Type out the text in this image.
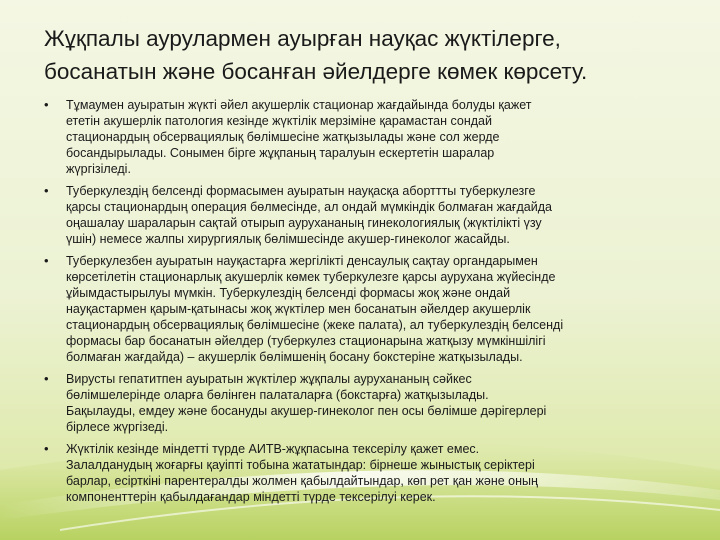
Жұқпалы аурулармен ауырған науқас жүктілерге,
босанатын және босанған әйелдерге көмек көрсету.
• Тұмаумен ауыратын жүкті әйел акушерлік стационар жағдайында болуды қажет
ететін акушерлік патология кезінде жүктілік мерзіміне қарамастан сондай
стационардың обсервациялық бөлімшесіне жатқызылады және сол жерде
босандырылады. Сонымен бірге жұқпаның таралуын ескертетін шаралар
жүргізіледі.
• Туберкулездің белсенді формасымен ауыратын науқасқа аборттты туберкулезге
қарсы стационардың операция бөлмесінде, ал ондай мүмкіндік болмаған жағдайда
оңашалау шараларын сақтай отырып аурухананың гинекологиялық (жүктілікті үзу
үшін) немесе жалпы хирургиялық бөлімшесінде акушер-гинеколог жасайды.
• Туберкулезбен ауыратын науқастарға жергілікті денсаулық сақтау органдарымен
көрсетілетін стационарлық акушерлік көмек туберкулезге қарсы аурухана жүйесінде
ұйымдастырылуы мүмкін. Туберкулездің белсенді формасы жоқ және ондай
науқастармен қарым-қатынасы жоқ жүктілер мен босанатын әйелдер акушерлік
стационардың обсервациялық бөлімшесіне (жеке палата), ал туберкулездің белсенді
формасы бар босанатын әйелдер (туберкулез стационарына жатқызу мүмкіншілігі
болмаған жағдайда) – акушерлік бөлімшенің босану бокстеріне жатқызылады.
• Вирусты гепатитпен ауыратын жүктілер жұқпалы аурухананың сәйкес
бөлімшелерінде оларға бөлінген палаталарға (бокстарға) жатқызылады.
Бақылауды, емдеу және босануды акушер-гинеколог пен осы бөлімше дәрігерлері
бірлесе жүргізеді.
• Жүктілік кезінде міндетті түрде АИТВ-жұқпасына тексерілу қажет емес.
Залалданудың жоғарғы қауіпті тобына жататындар: бірнеше жыныстық серіктері
барлар, есірткіні парентералды жолмен қабылдайтындар, көп рет қан және оның
компоненттерін қабылдағандар міндетті түрде тексерілуі керек.
